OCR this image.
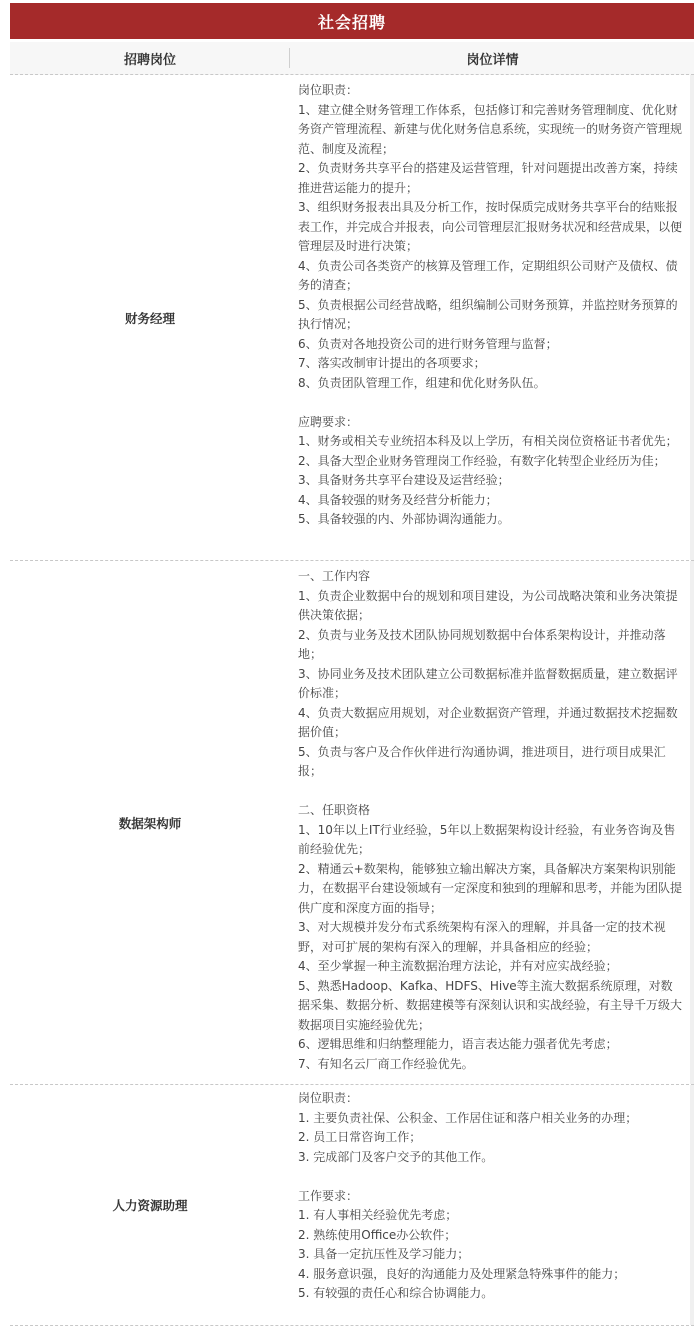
社会招聘
招聘岗位	岗位详情
财务经理
岗位职责：
1、建立健全财务管理工作体系，包括修订和完善财务管理制度、优化财务资产管理流程、新建与优化财务信息系统，实现统一的财务资产管理规范、制度及流程；
2、负责财务共享平台的搭建及运营管理，针对问题提出改善方案，持续推进营运能力的提升；
3、组织财务报表出具及分析工作，按时保质完成财务共享平台的结账报表工作，并完成合并报表，向公司管理层汇报财务状况和经营成果，以便管理层及时进行决策；
4、负责公司各类资产的核算及管理工作，定期组织公司财产及债权、债务的清查；
5、负责根据公司经营战略，组织编制公司财务预算，并监控财务预算的执行情况；
6、负责对各地投资公司的进行财务管理与监督；
7、落实改制审计提出的各项要求；
8、负责团队管理工作，组建和优化财务队伍。

应聘要求：
1、财务或相关专业统招本科及以上学历，有相关岗位资格证书者优先；
2、具备大型企业财务管理岗工作经验，有数字化转型企业经历为佳；
3、具备财务共享平台建设及运营经验；
4、具备较强的财务及经营分析能力；
5、具备较强的内、外部协调沟通能力。
数据架构师
一、工作内容
1、负责企业数据中台的规划和项目建设，为公司战略决策和业务决策提供决策依据；
2、负责与业务及技术团队协同规划数据中台体系架构设计，并推动落地；
3、协同业务及技术团队建立公司数据标准并监督数据质量，建立数据评价标准；
4、负责大数据应用规划，对企业数据资产管理，并通过数据技术挖掘数据价值；
5、负责与客户及合作伙伴进行沟通协调，推进项目，进行项目成果汇报；

二、任职资格
1、10年以上IT行业经验，5年以上数据架构设计经验，有业务咨询及售前经验优先；
2、精通云+数架构，能够独立输出解决方案，具备解决方案架构识别能力，在数据平台建设领域有一定深度和独到的理解和思考，并能为团队提供广度和深度方面的指导；
3、对大规模并发分布式系统架构有深入的理解，并具备一定的技术视野，对可扩展的架构有深入的理解，并具备相应的经验；
4、至少掌握一种主流数据治理方法论，并有对应实战经验；
5、熟悉Hadoop、Kafka、HDFS、Hive等主流大数据系统原理，对数据采集、数据分析、数据建模等有深刻认识和实战经验，有主导千万级大数据项目实施经验优先；
6、逻辑思维和归纳整理能力，语言表达能力强者优先考虑；
7、有知名云厂商工作经验优先。
人力资源助理
岗位职责：
1. 主要负责社保、公积金、工作居住证和落户相关业务的办理；
2. 员工日常咨询工作；
3. 完成部门及客户交予的其他工作。

工作要求：
1. 有人事相关经验优先考虑；
2. 熟练使用Office办公软件；
3. 具备一定抗压性及学习能力；
4. 服务意识强，良好的沟通能力及处理紧急特殊事件的能力；
5. 有较强的责任心和综合协调能力。
